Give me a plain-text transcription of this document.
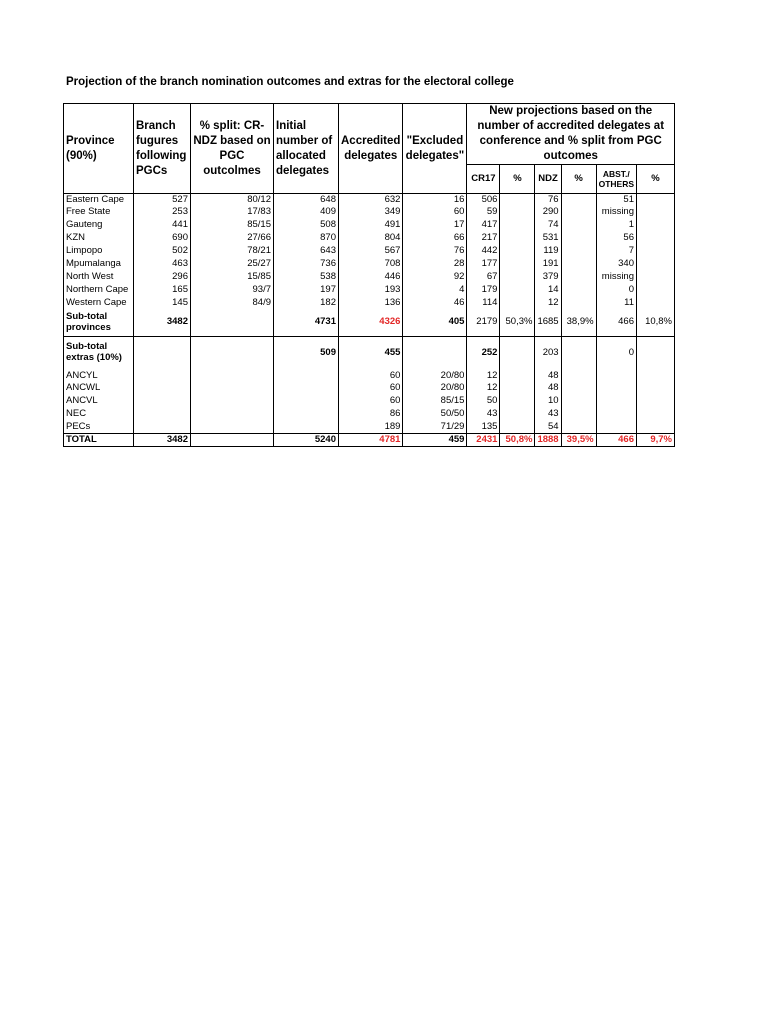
Projection of the branch nomination outcomes and extras for the electoral college
Province (90%)	Branch fugures following PGCs	% split: CR-NDZ based on PGC outcolmes	Initial number of allocated delegates	Accredited delegates	"Excluded delegates"	New projections based on the number of accredited delegates at conference and % split from PGC outcomes					
						CR17	%	NDZ	%	ABST./ OTHERS	%
Eastern Cape	527	80/12	648	632	16	506		76		51	
Free State	253	17/83	409	349	60	59		290		missing	
Gauteng	441	85/15	508	491	17	417		74		1	
KZN	690	27/66	870	804	66	217		531		56	
Limpopo	502	78/21	643	567	76	442		119		7	
Mpumalanga	463	25/27	736	708	28	177		191		340	
North West	296	15/85	538	446	92	67		379		missing	
Northern Cape	165	93/7	197	193	4	179		14		0	
Western Cape	145	84/9	182	136	46	114		12		11	
Sub-total provinces	3482		4731	4326	405	2179	50,3%	1685	38,9%	466	10,8%
Sub-total extras (10%)			509	455		252		203		0	
ANCYL				60	20/80	12		48			
ANCWL				60	20/80	12		48			
ANCVL				60	85/15	50		10			
NEC				86	50/50	43		43			
PECs				189	71/29	135		54			
TOTAL	3482		5240	4781	459	2431	50,8%	1888	39,5%	466	9,7%
